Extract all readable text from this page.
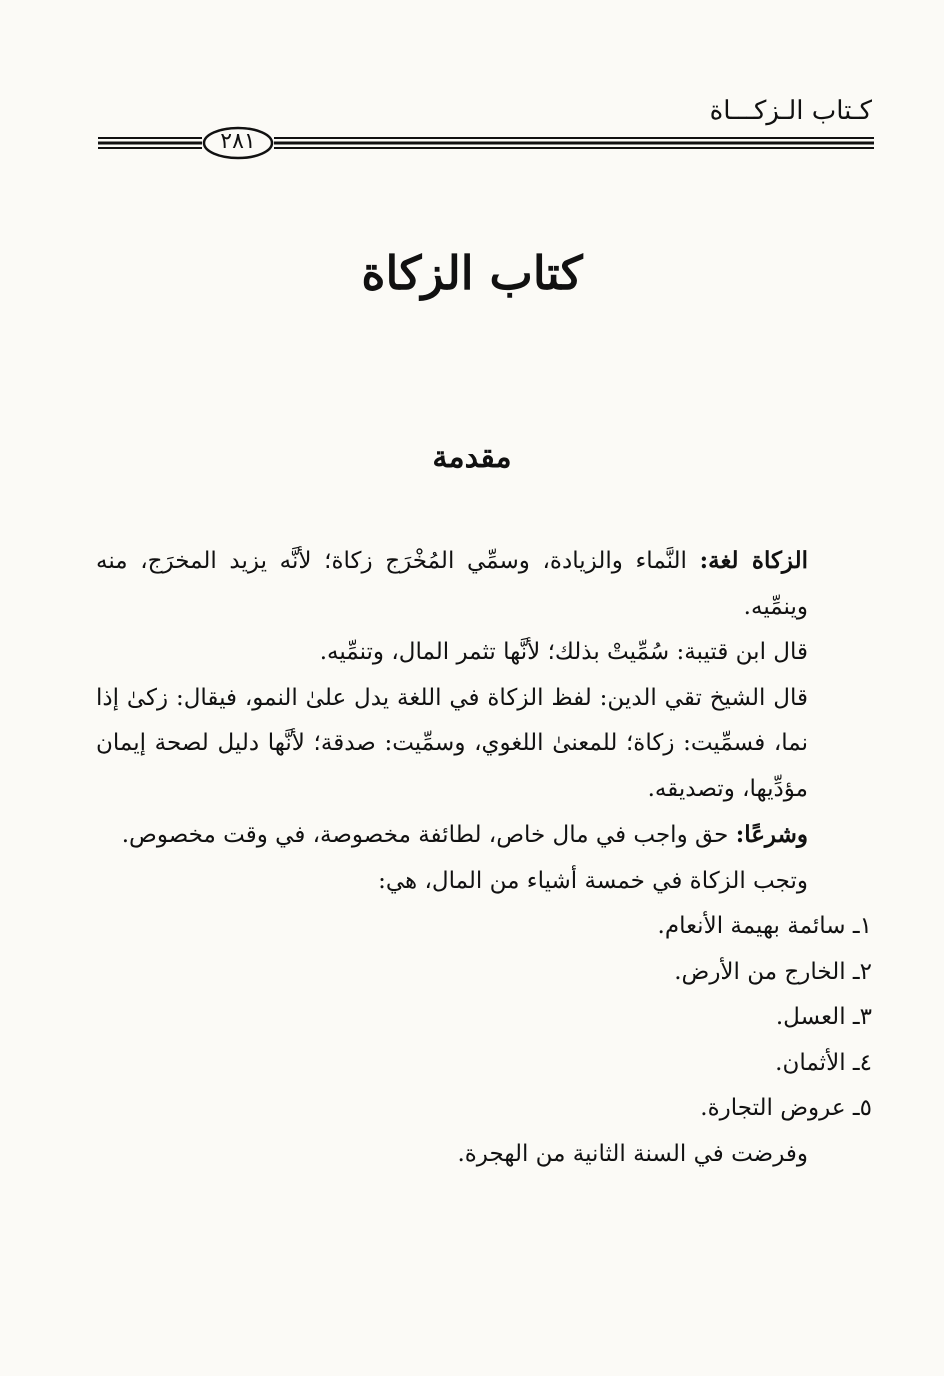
كـتاب الـزكـــاة
٢٨١
كتاب الزكاة
مقدمة

الزكاة لغة: النَّماء والزيادة، وسمِّي المُخْرَج زكاة؛ لأنَّه يزيد المخرَج، منه وينمِّيه.

قال ابن قتيبة: سُمِّيتْ بذلك؛ لأنَّها تثمر المال، وتنمِّيه.

قال الشيخ تقي الدين: لفظ الزكاة في اللغة يدل علىٰ النمو، فيقال: زكىٰ إذا نما، فسمِّيت: زكاة؛ للمعنىٰ اللغوي، وسمِّيت: صدقة؛ لأنَّها دليل لصحة إيمان مؤدِّيها، وتصديقه.

وشرعًا: حق واجب في مال خاص، لطائفة مخصوصة، في وقت مخصوص.

وتجب الزكاة في خمسة أشياء من المال، هي:

١ـ سائمة بهيمة الأنعام.

٢ـ الخارج من الأرض.

٣ـ العسل.

٤ـ الأثمان.

٥ـ عروض التجارة.

وفرضت في السنة الثانية من الهجرة.
